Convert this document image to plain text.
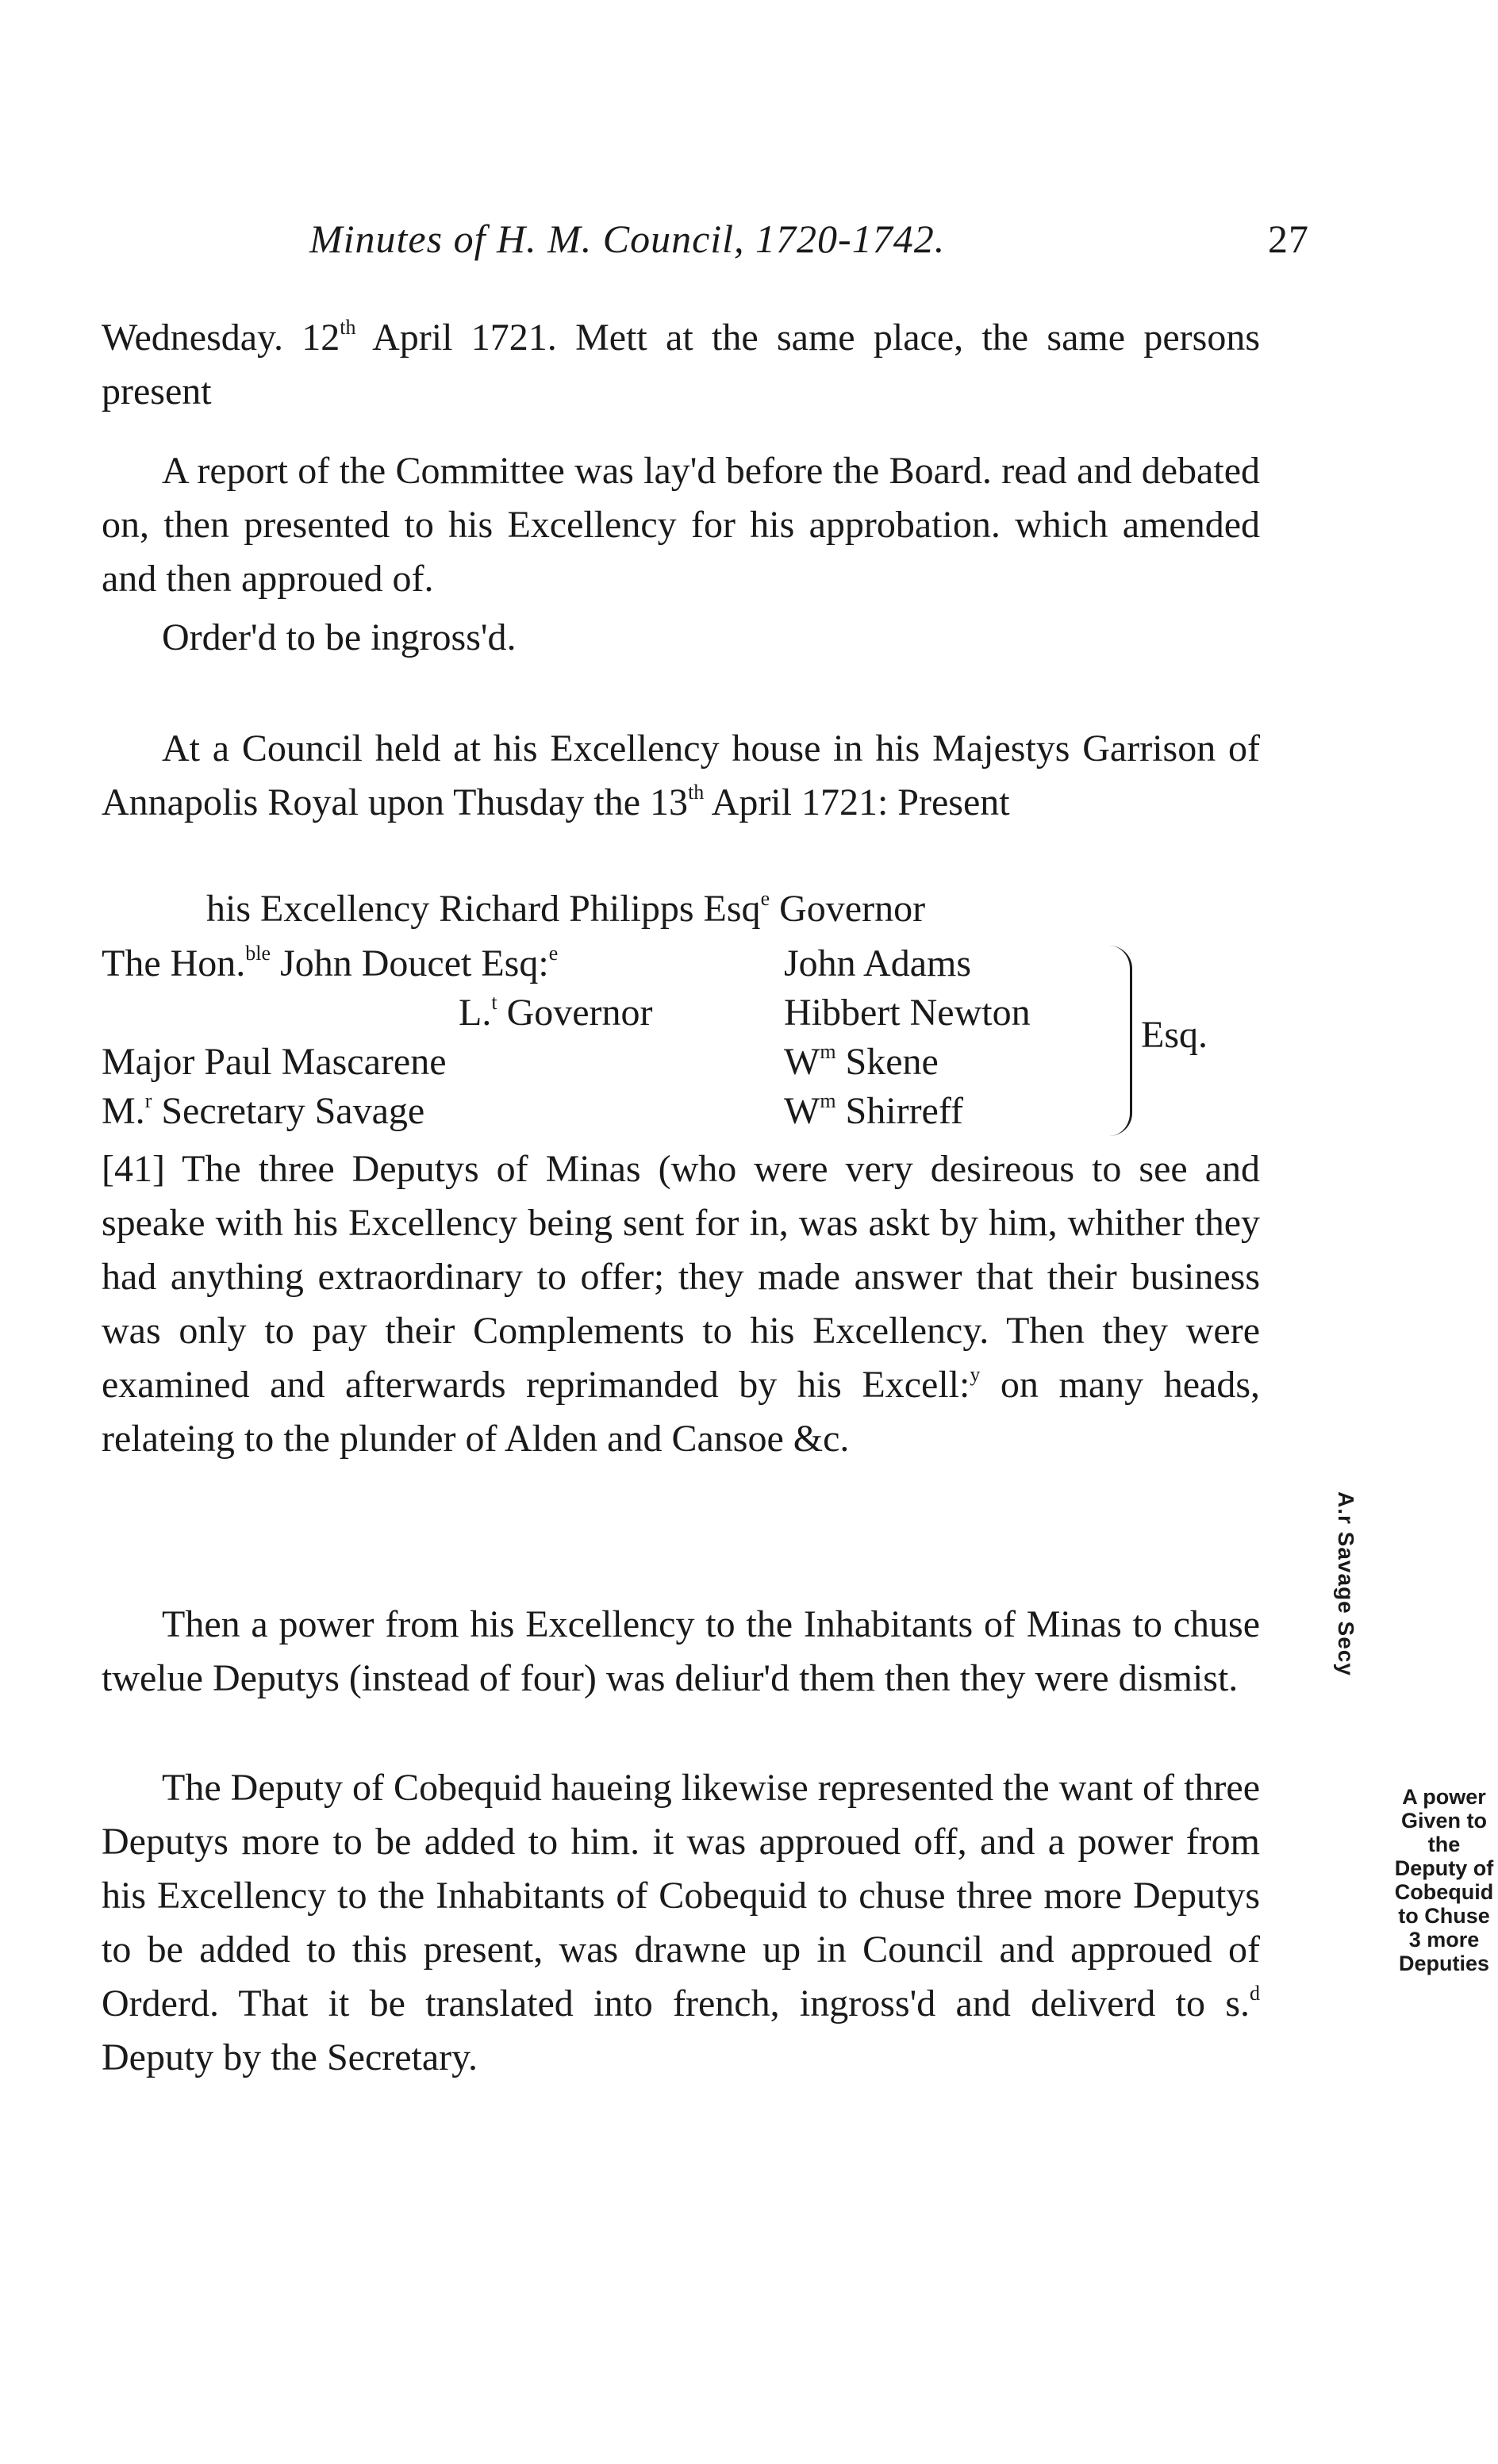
Minutes of H. M. Council, 1720-1742.	27

Wednesday. 12th April 1721. Mett at the same place, the same persons present

A report of the Committee was lay'd before the Board. read and debated on, then presented to his Excellency for his approbation. which amended and then approued of.

Order'd to be ingross'd.

At a Council held at his Excellency house in his Majestys Garrison of Annapolis Royal upon Thusday the 13th April 1721: Present

his Excellency Richard Philipps Esq$^e$ Governor
The Hon.$^{ble}$ John Doucet Esq:$^e$
L.$^t$ Governor
Major Paul Mascarene
M.$^r$ Secretary Savage
John Adams
Hibbert Newton
$W^m$ Skene
$W^m$ Shirreff
Esq.

[41] The three Deputys of Minas (who were very desireous to see and speake with his Excellency being sent for in, was askt by him, whither they had anything extraordinary to offer; they made answer that their business was only to pay their Complements to his Excellency. Then they were examined and afterwards reprimanded by his Excell:$^y$ on many heads, relateing to the plunder of Alden and Cansoe &c.

Then a power from his Excellency to the Inhabitants of Minas to chuse twelue Deputys (instead of four) was deliur'd them then they were dismist.

The Deputy of Cobequid haueing likewise represented the want of three Deputys more to be added to him. it was approued off, and a power from his Excellency to the Inhabitants of Cobequid to chuse three more Deputys to be added to this present, was drawne up in Council and approued of Orderd. That it be translated into french, ingross'd and deliverd to s.$^d$ Deputy by the Secretary.

A.r Savage Secy
A power Given to the Deputy of Cobequid to Chuse 3 more Deputies
